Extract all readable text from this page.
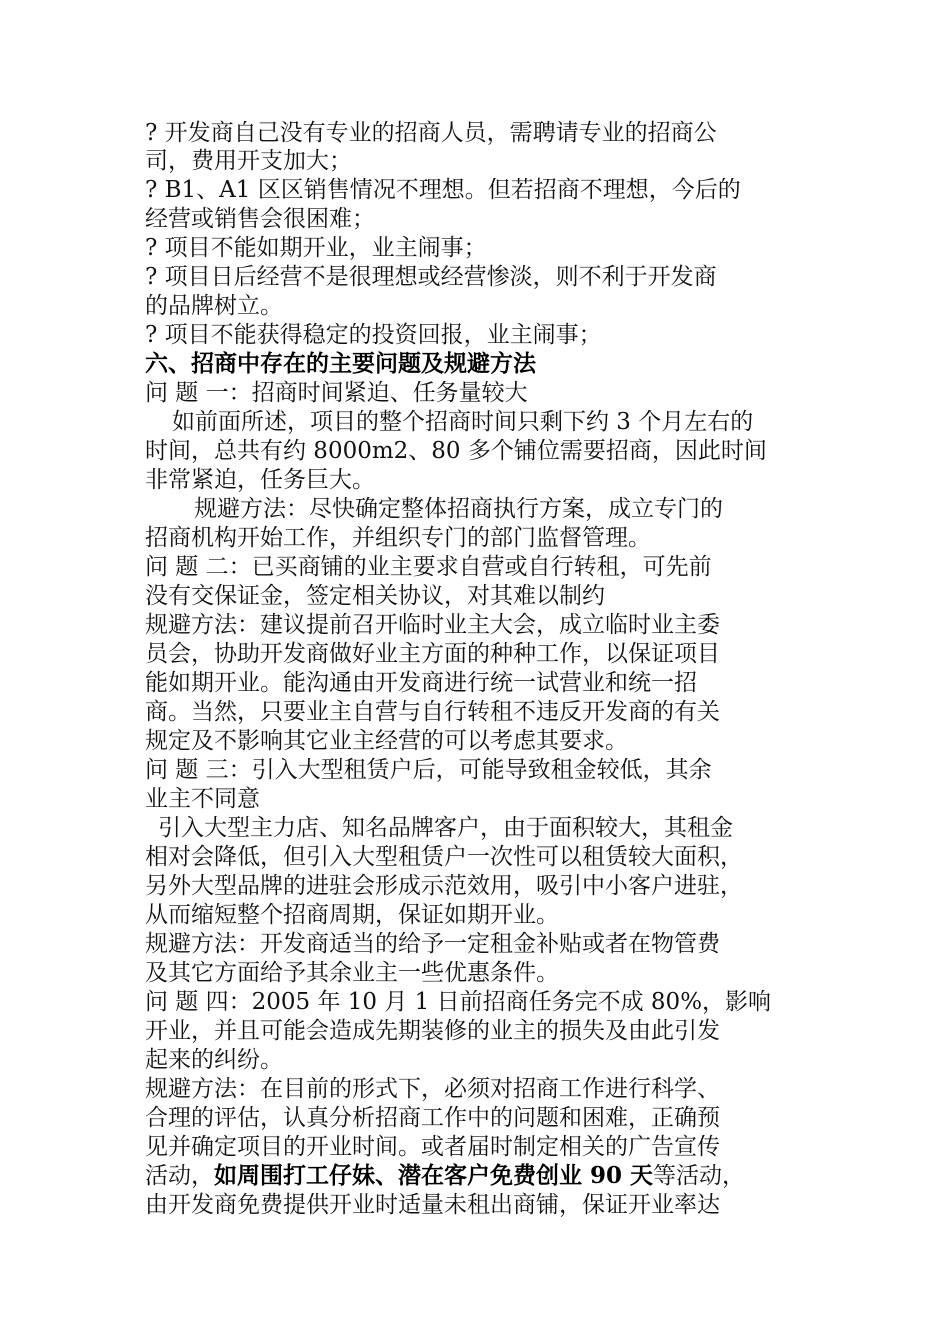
? 开发商自己没有专业的招商人员，需聘请专业的招商公
司，费用开支加大；
? B1、A1 区区销售情况不理想。但若招商不理想，今后的
经营或销售会很困难；
? 项目不能如期开业，业主闹事；
? 项目日后经营不是很理想或经营惨淡，则不利于开发商
的品牌树立。
? 项目不能获得稳定的投资回报，业主闹事；
六、招商中存在的主要问题及规避方法
问 题 一：招商时间紧迫、任务量较大
如前面所述，项目的整个招商时间只剩下约 3 个月左右的
时间，总共有约 8000m2、80 多个铺位需要招商，因此时间
非常紧迫，任务巨大。
规避方法：尽快确定整体招商执行方案，成立专门的
招商机构开始工作，并组织专门的部门监督管理。
问 题 二：已买商铺的业主要求自营或自行转租，可先前
没有交保证金，签定相关协议，对其难以制约
规避方法：建议提前召开临时业主大会，成立临时业主委
员会，协助开发商做好业主方面的种种工作，以保证项目
能如期开业。能沟通由开发商进行统一试营业和统一招
商。当然，只要业主自营与自行转租不违反开发商的有关
规定及不影响其它业主经营的可以考虑其要求。
问 题 三：引入大型租赁户后，可能导致租金较低，其余
业主不同意
引入大型主力店、知名品牌客户，由于面积较大，其租金
相对会降低，但引入大型租赁户一次性可以租赁较大面积，
另外大型品牌的进驻会形成示范效用，吸引中小客户进驻，
从而缩短整个招商周期，保证如期开业。
规避方法：开发商适当的给予一定租金补贴或者在物管费
及其它方面给予其余业主一些优惠条件。
问 题 四：2005 年 10 月 1 日前招商任务完不成 80%，影响
开业，并且可能会造成先期装修的业主的损失及由此引发
起来的纠纷。
规避方法：在目前的形式下，必须对招商工作进行科学、
合理的评估，认真分析招商工作中的问题和困难，正确预
见并确定项目的开业时间。或者届时制定相关的广告宣传
活动，如周围打工仔妹、潜在客户免费创业 90 天等活动，
由开发商免费提供开业时适量未租出商铺，保证开业率达
